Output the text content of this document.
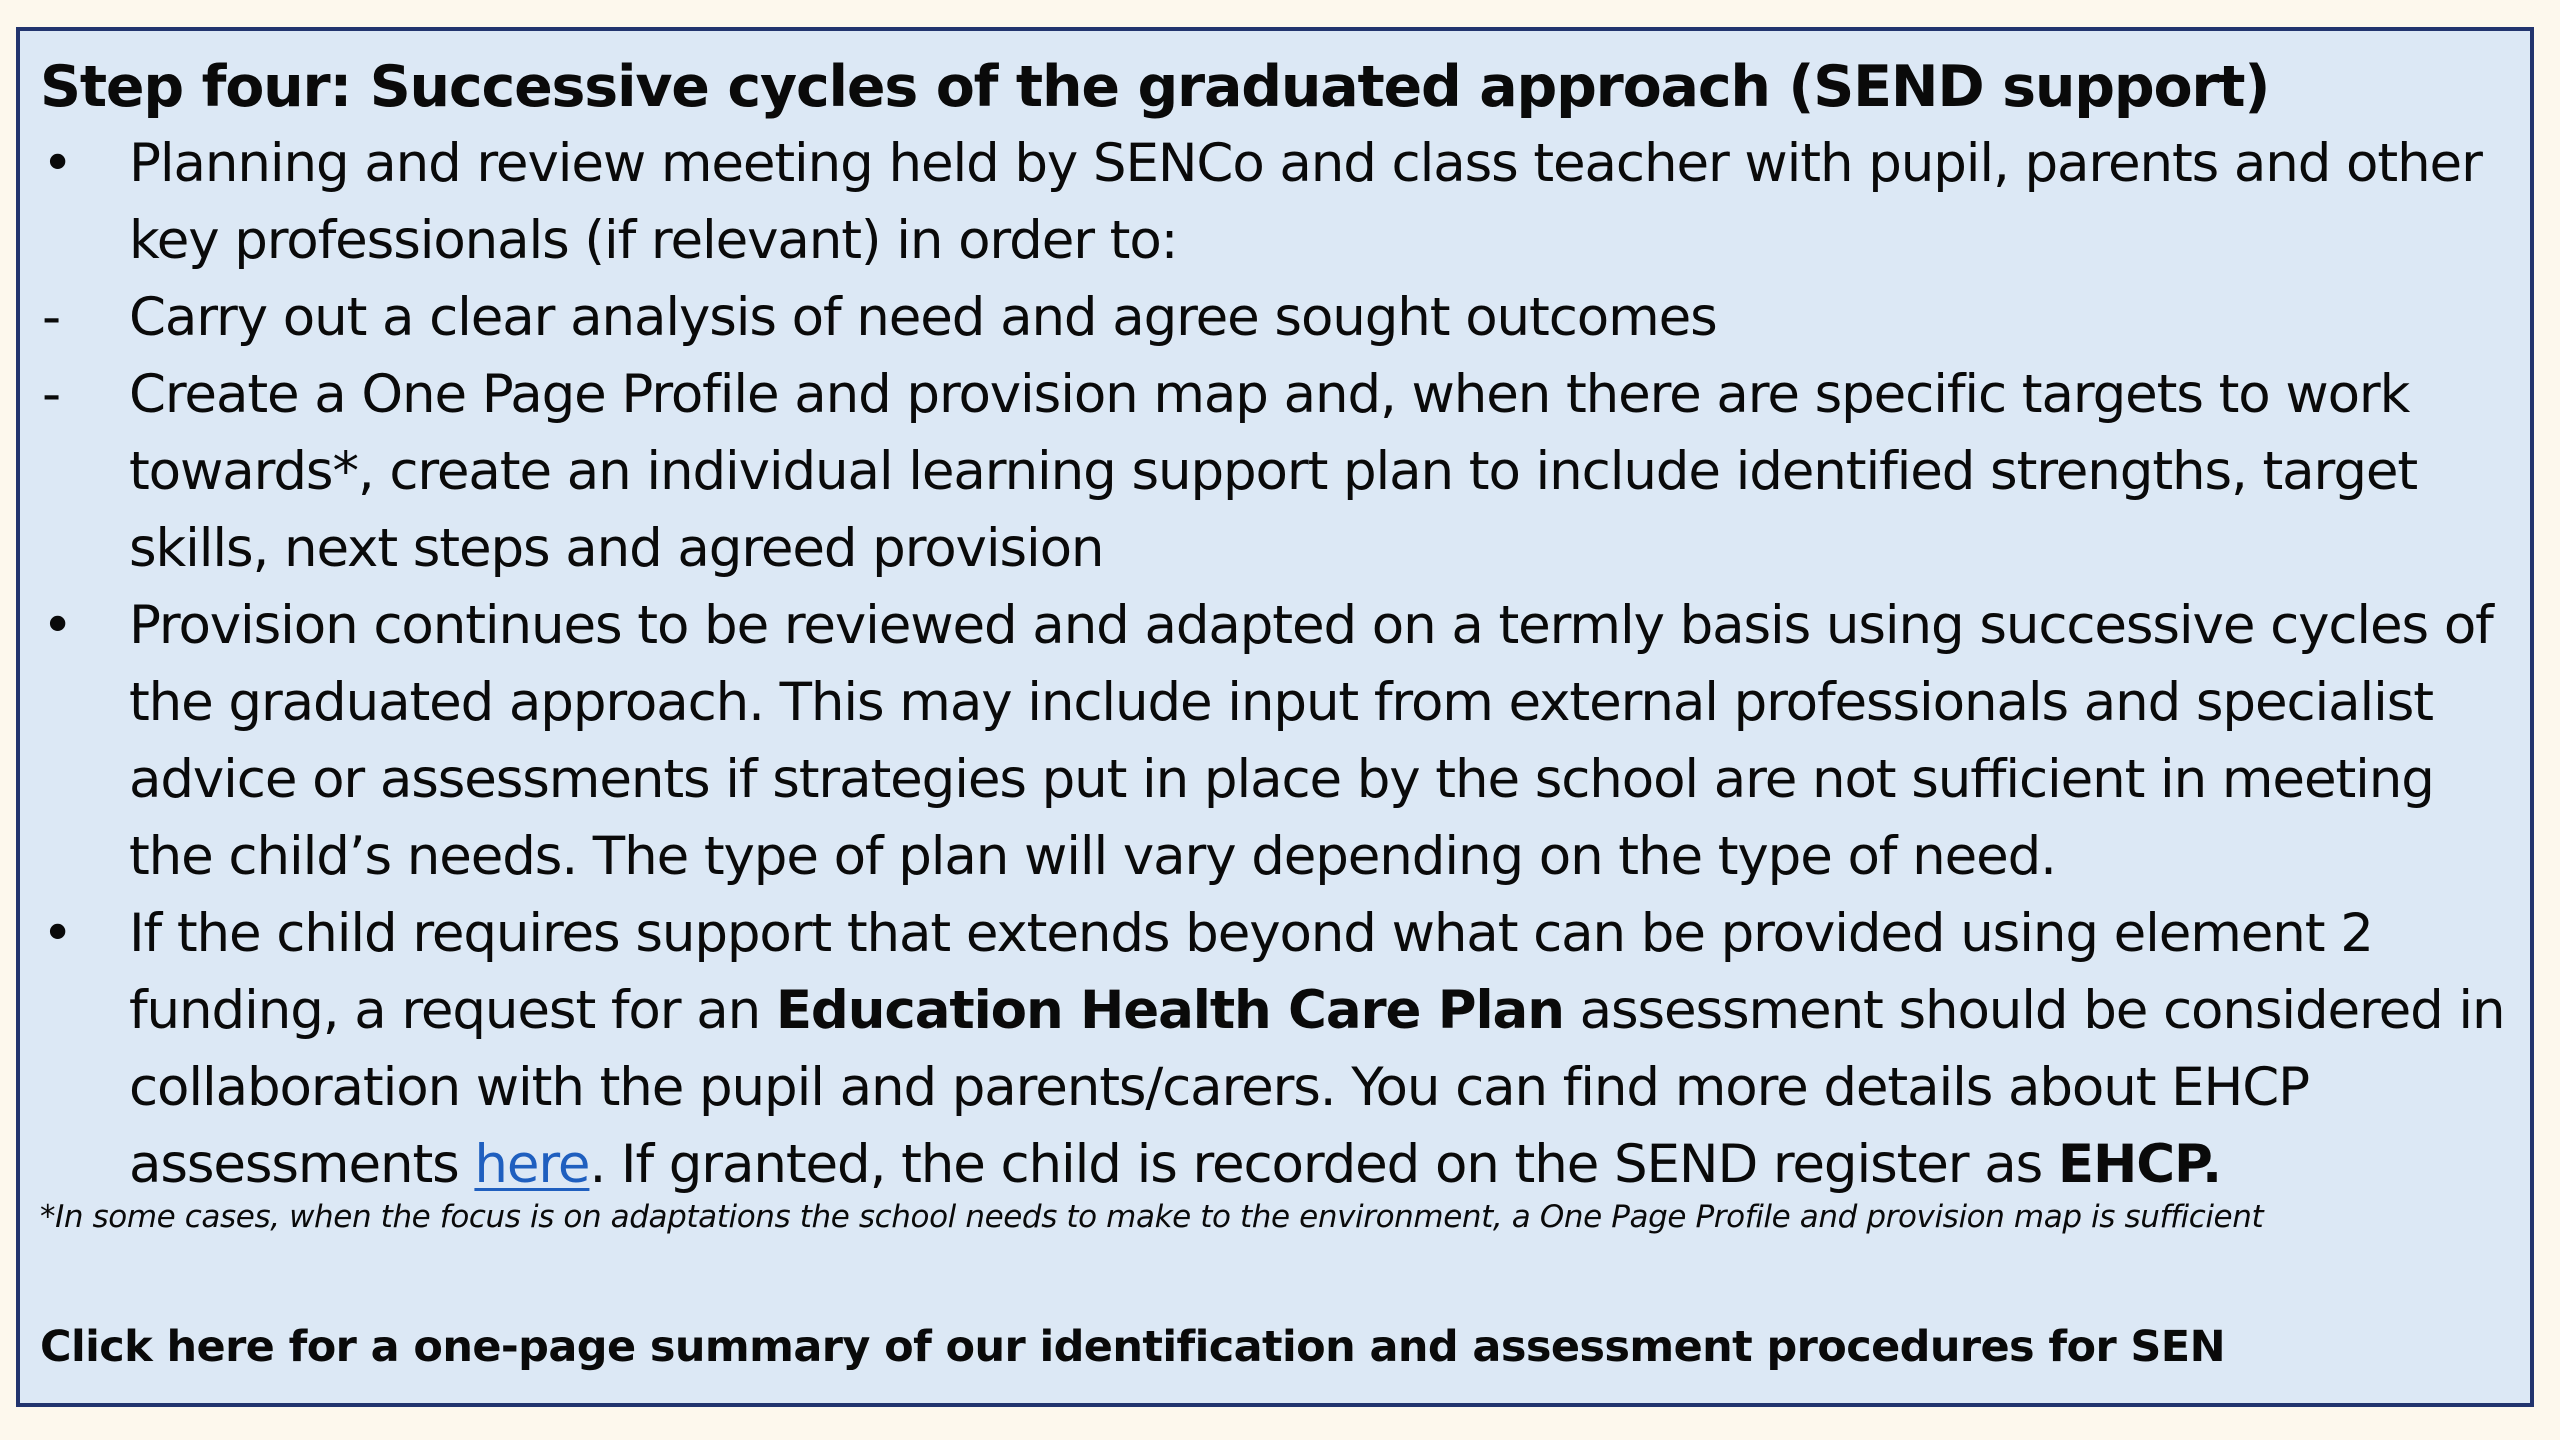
Step four: Successive cycles of the graduated approach (SEND support)
• Planning and review meeting held by SENCo and class teacher with pupil, parents and other
key professionals (if relevant) in order to:
-	Carry out a clear analysis of need and agree sought outcomes
-	Create a One Page Profile and provision map and, when there are specific targets to work
towards*, create an individual learning support plan to include identified strengths, target
skills, next steps and agreed provision
• Provision continues to be reviewed and adapted on a termly basis using successive cycles of
the graduated approach. This may include input from external professionals and specialist
advice or assessments if strategies put in place by the school are not sufficient in meeting
the child’s needs. The type of plan will vary depending on the type of need.
• If the child requires support that extends beyond what can be provided using element 2
funding, a request for an Education Health Care Plan assessment should be considered in
collaboration with the pupil and parents/carers. You can find more details about EHCP
assessments here. If granted, the child is recorded on the SEND register as EHCP.
*In some cases, when the focus is on adaptations the school needs to make to the environment, a One Page Profile and provision map is sufficient
Click here for a one-page summary of our identification and assessment procedures for SEN
